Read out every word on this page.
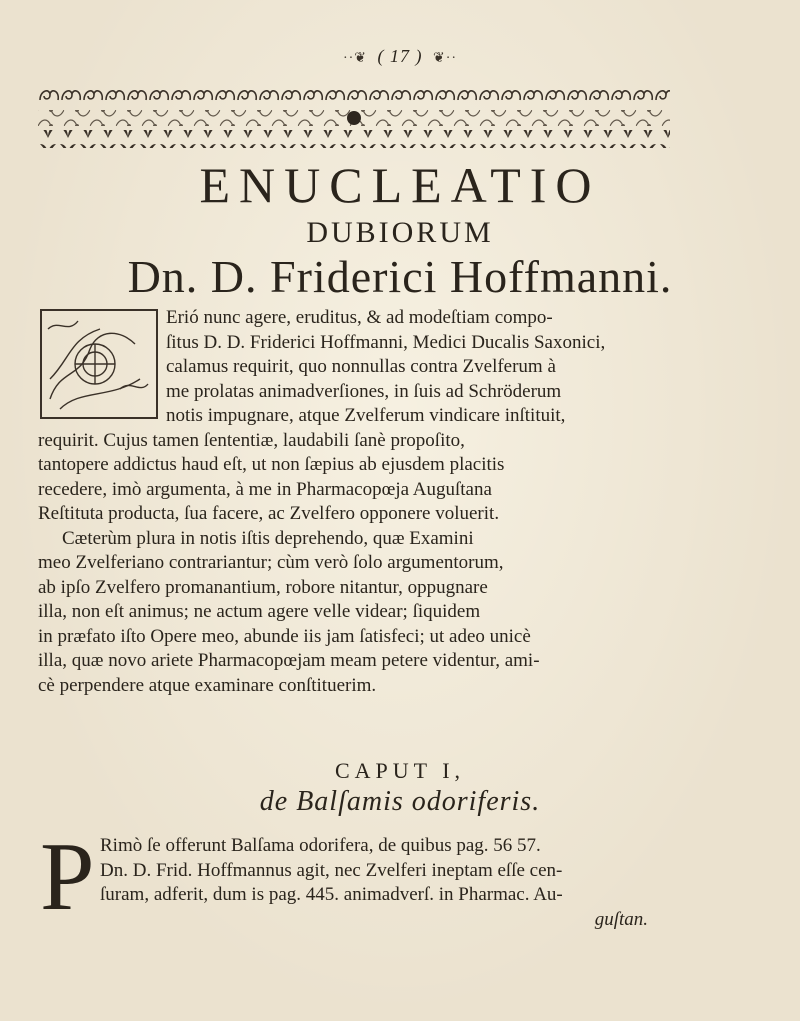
··❦ ( 17 ) ❦··
ENUCLEATIO
DUBIORUM
Dn. D. Friderici Hoffmanni.
Erió nunc agere, eruditus, & ad modeſtiam compo-
ſitus D. D. Friderici Hoffmanni, Medici Ducalis Saxonici,
calamus requirit, quo nonnullas contra Zvelferum à
me prolatas animadverſiones, in ſuis ad Schröderum
notis impugnare, atque Zvelferum vindicare inſtituit,
requirit. Cujus tamen ſententiæ, laudabili ſanè propoſito,
tantopere addictus haud eſt, ut non ſæpius ab ejusdem placitis
recedere, imò argumenta, à me in Pharmacopœja Auguſtana
Reſtituta producta, ſua facere, ac Zvelfero opponere voluerit.
Cæterùm plura in notis iſtis deprehendo, quæ Examini
meo Zvelferiano contrariantur; cùm verò ſolo argumentorum,
ab ipſo Zvelfero promanantium, robore nitantur, oppugnare
illa, non eſt animus; ne actum agere velle videar; ſiquidem
in præfato iſto Opere meo, abunde iis jam ſatisfeci; ut adeo unicè
illa, quæ novo ariete Pharmacopœjam meam petere videntur, ami-
cè perpendere atque examinare conſtituerim.
CAPUT I,
de Balſamis odoriferis.
P Rimò ſe offerunt Balſama odorifera, de quibus pag. 56 57.
Dn. D. Frid. Hoffmannus agit, nec Zvelferi ineptam eſſe cen-
ſuram, adferit, dum is pag. 445. animadverſ. in Pharmac. Au-
guſtan.
